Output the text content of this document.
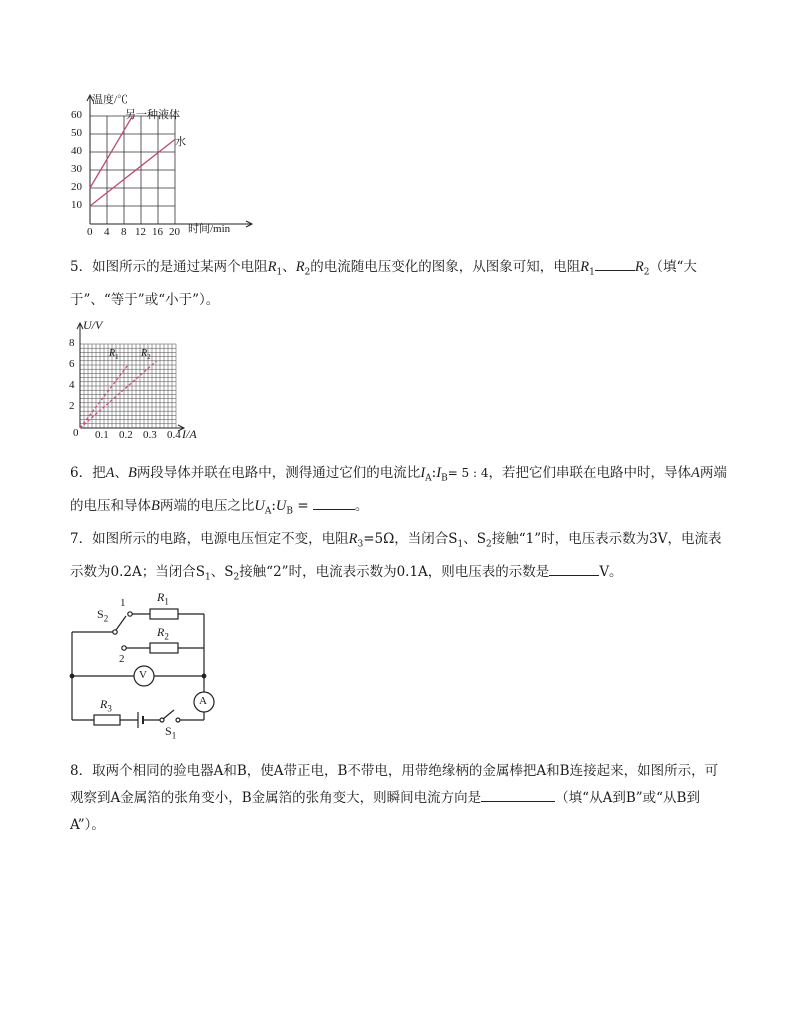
温度/℃
时间/min
另一种液体
水
60
50
40
30
20
10
0 4 8 12 16 20
5．如图所示的是通过某两个电阻$R_1$、$R_2$的电流随电压变化的图象，从图象可知，电阻$R_1$	$R_2$（填“大于”、“等于”或“小于”）。
U/V
I/A
0
$R_1$ $R_2$
8
6
4
2
0.1 0.2 0.3 0.4
6．把A、B两段导体并联在电路中，测得通过它们的电流比$I_A:I_B= 5$ : 4，若把它们串联在电路中时，导体A两端的电压和导体B两端的电压之比$U_A:U_B$ =	。
7．如图所示的电路，电源电压恒定不变，电阻$R_3=5\Omega$，当闭合$S_1$、$S_2$接触“1”时，电压表示数为3V，电流表示数为0.2A；当闭合$S_1$、$S_2$接触“2”时，电流表示数为0.1A，则电压表的示数是	V。
$S_2$
1
2
$R_1$
$R_2$
V
A
$R_3$
$S_1$
8．取两个相同的验电器A和B，使A带正电，B不带电，用带绝缘柄的金属棒把A和B连接起来，如图所示，可观察到A金属箔的张角变小，B金属箔的张角变大，则瞬间电流方向是	（填“从A到B”或“从B到A”）。
